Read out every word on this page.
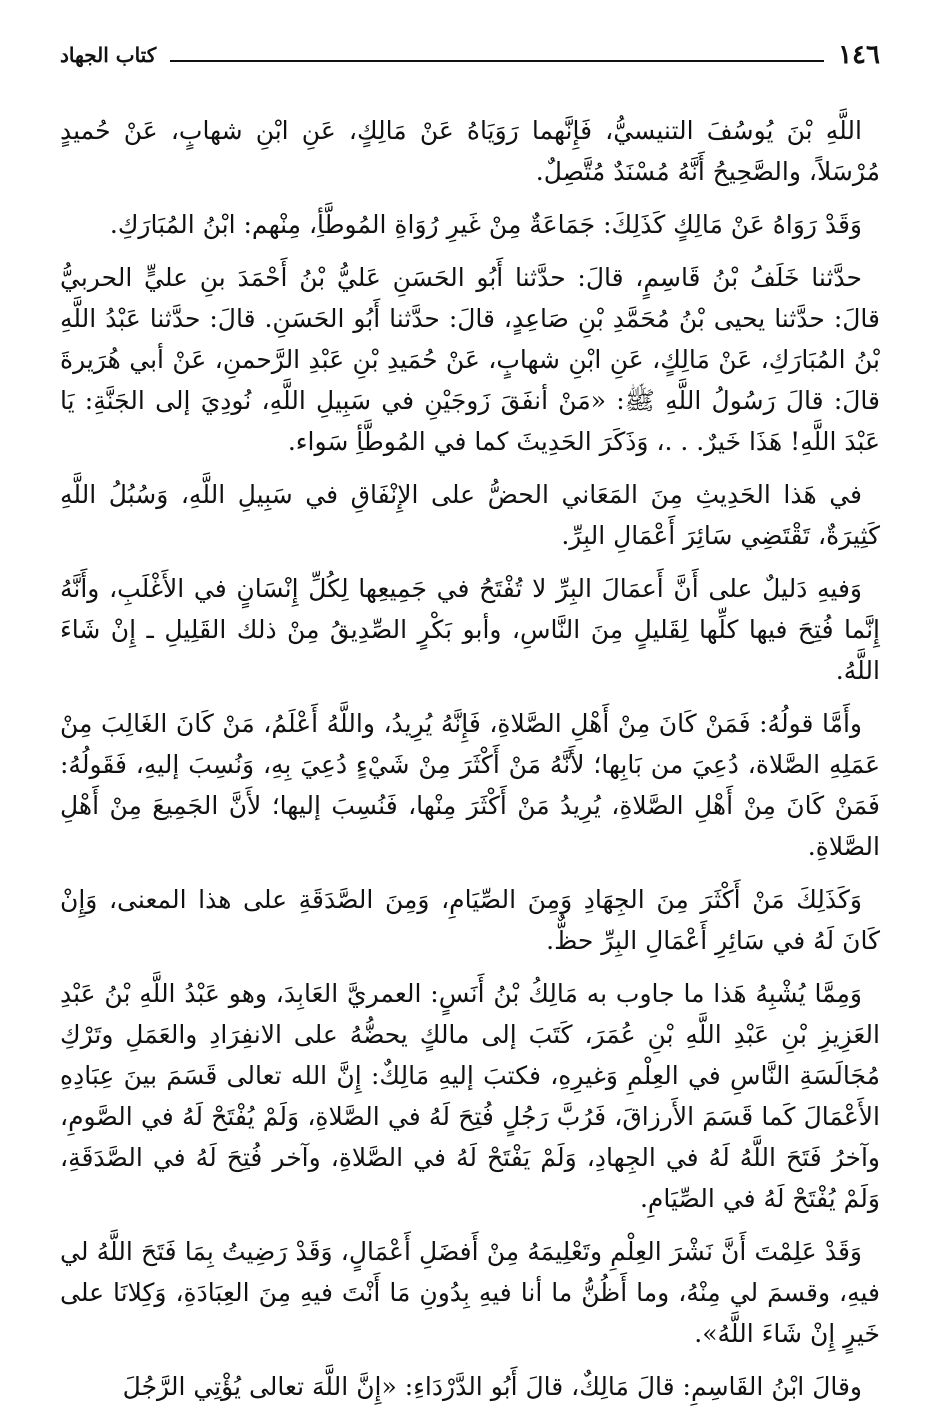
١٤٦
كتاب الجهاد

اللَّهِ بْنَ يُوسُفَ التنيسيُّ، فَإِنَّهما رَوَيَاهُ عَنْ مَالِكٍ، عَنِ ابْنِ شهابٍ، عَنْ حُميدٍ مُرْسَلاً، والصَّحِيحُ أَنَّهُ مُسْنَدٌ مُتَّصِلٌ.

وَقَدْ رَوَاهُ عَنْ مَالِكٍ كَذَلِكَ: جَمَاعَةٌ مِنْ غَيرِ رُوَاةِ المُوطَّأِ، مِنْهم: ابْنُ المُبَارَكِ.

حدَّثنا خَلَفُ بْنُ قَاسِمٍ، قالَ: حدَّثنا أَبُو الحَسَنِ عَليُّ بْنُ أَحْمَدَ بنِ عليٍّ الحربيُّ قالَ: حدَّثنا يحيى بْنُ مُحَمَّدِ بْنِ صَاعِدٍ، قالَ: حدَّثنا أَبُو الحَسَنِ. قالَ: حدَّثنا عَبْدُ اللَّهِ بْنُ المُبَارَكِ، عَنْ مَالِكٍ، عَنِ ابْنِ شهابٍ، عَنْ حُمَيدِ بْنِ عَبْدِ الرَّحمنِ، عَنْ أبي هُرَيرةَ قالَ: قالَ رَسُولُ اللَّهِ ﷺ: «مَنْ أنفَقَ زَوجَيْنِ في سَبِيلِ اللَّهِ، نُودِيَ إلى الجَنَّةِ: يَا عَبْدَ اللَّهِ! هَذَا خَيرٌ. . .، وَذَكَرَ الحَدِيثَ كما في المُوطَّأِ سَواء.

في هَذا الحَدِيثِ مِنَ المَعَاني الحضُّ على الإِنْفَاقِ في سَبِيلِ اللَّهِ، وَسُبُلُ اللَّهِ كَثِيرَةٌ، تَقْتَضِي سَائِرَ أَعْمَالِ البِرِّ.

وَفيهِ دَليلٌ على أَنَّ أَعمَالَ البِرِّ لا تُفْتَحُ في جَمِيعِها لِكُلِّ إِنْسَانٍ في الأَغْلَبِ، وأَنَّهُ إِنَّما فُتِحَ فيها كلِّها لِقَليلٍ مِنَ النَّاسِ، وأبو بَكْرٍ الصِّدِيقُ مِنْ ذلك القَلِيلِ ـ إِنْ شَاءَ اللَّهُ.

وأَمَّا قولُهُ: فَمَنْ كَانَ مِنْ أَهْلِ الصَّلاةِ، فَإِنَّهُ يُرِيدُ، واللَّهُ أَعْلَمُ، مَنْ كَانَ الغَالِبَ مِنْ عَمَلِهِ الصَّلاة، دُعِيَ من بَابِها؛ لأَنَّهُ مَنْ أَكْثَرَ مِنْ شَيْءٍ دُعِيَ بِهِ، وَنُسِبَ إليهِ، فَقَولُهُ: فَمَنْ كَانَ مِنْ أَهْلِ الصَّلاةِ، يُرِيدُ مَنْ أَكْثَرَ مِنْها، فَنُسِبَ إليها؛ لأَنَّ الجَمِيعَ مِنْ أَهْلِ الصَّلاةِ.

وَكَذَلِكَ مَنْ أَكْثَرَ مِنَ الجِهَادِ وَمِنَ الصِّيَامِ، وَمِنَ الصَّدَقَةِ على هذا المعنى، وَإِنْ كَانَ لَهُ في سَائِرِ أَعْمَالِ البِرِّ حظٌّ.

وَمِمَّا يُشْبِهُ هَذا ما جاوب به مَالِكُ بْنُ أَنَسٍ: العمريَّ العَابِدَ، وهو عَبْدُ اللَّهِ بْنُ عَبْدِ العَزِيزِ بْنِ عَبْدِ اللَّهِ بْنِ عُمَرَ، كَتَبَ إلى مالكٍ يحضُّهُ على الانفِرَادِ والعَمَلِ وتَرْكِ مُجَالَسَةِ النَّاسِ في العِلْمِ وَغيرِهِ، فكتبَ إليهِ مَالِكٌ: إِنَّ الله تعالى قَسَمَ بينَ عِبَادِهِ الأَعْمَالَ كَما قَسَمَ الأَرزاقَ، فَرُبَّ رَجُلٍ فُتِحَ لَهُ في الصَّلاةِ، وَلَمْ يُفْتَحْ لَهُ في الصَّومِ، وآخرُ فَتَحَ اللَّهُ لَهُ في الجِهادِ، وَلَمْ يَفْتَحْ لَهُ في الصَّلاةِ، وآخر فُتِحَ لَهُ في الصَّدَقَةِ، وَلَمْ يُفْتَحْ لَهُ في الصِّيَامِ.

وَقَدْ عَلِمْتَ أَنَّ نَشْرَ العِلْمِ وتَعْلِيمَهُ مِنْ أَفضَلِ أَعْمَالٍ، وَقَدْ رَضِيتُ بِمَا فَتَحَ اللَّهُ لي فيهِ، وقسمَ لي مِنْهُ، وما أَظُنُّ ما أنا فيهِ بِدُونِ مَا أَنْتَ فيهِ مِنَ العِبَادَةِ، وَكِلانَا على خَيرٍ إِنْ شَاءَ اللَّهُ».

وقالَ ابْنُ القَاسِمِ: قالَ مَالِكٌ، قالَ أَبُو الدَّرْدَاءِ: «إِنَّ اللَّهَ تعالى يُؤْتِي الرَّجُلَ
